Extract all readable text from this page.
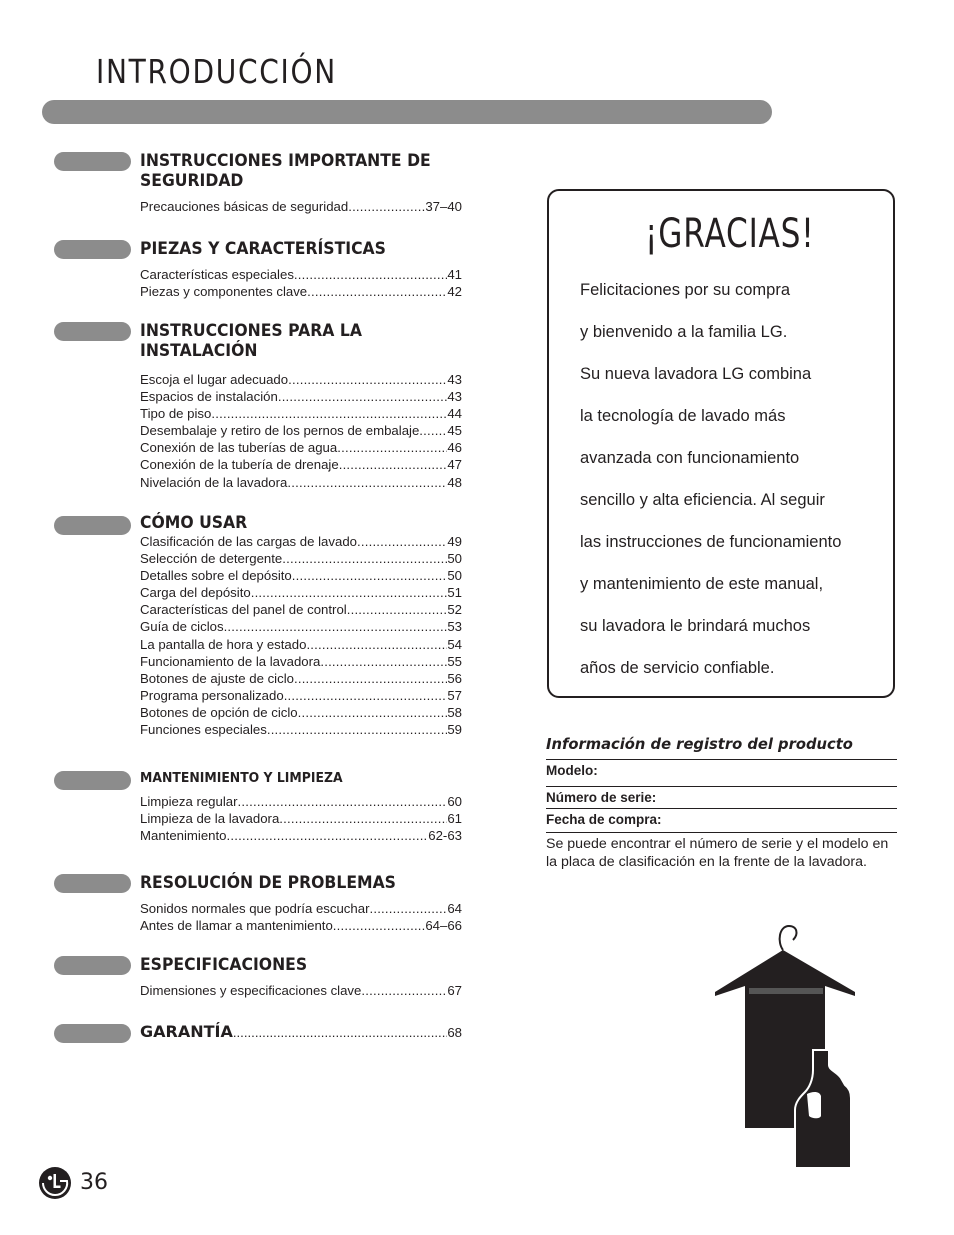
INTRODUCCIÓN
INSTRUCCIONES IMPORTANTE DE SEGURIDAD
Precauciones básicas de seguridad .....	37–40
PIEZAS Y CARACTERÍSTICAS
Características especiales .....	41
Piezas y componentes clave .....	42
INSTRUCCIONES PARA LA INSTALACIÓN
Escoja el lugar adecuado .....	43
Espacios de instalación .....	43
Tipo de piso .....	44
Desembalaje y retiro de los pernos de embalaje ..... 45
Conexión de las tuberías de agua .....	46
Conexión de la tubería de drenaje .....	47
Nivelación de la lavadora .....	48
CÓMO USAR
Clasificación de las cargas de lavado .....	49
Selección de detergente .....	50
Detalles sobre el depósito .....	50
Carga del depósito .....	51
Características del panel de control .....	52
Guía de ciclos .....	53
La pantalla de hora y estado .....	54
Funcionamiento de la lavadora .....	55
Botones de ajuste de ciclo .....	56
Programa personalizado .....	57
Botones de opción de ciclo .....	58
Funciones especiales .....	59
MANTENIMIENTO Y LIMPIEZA
Limpieza regular .....	60
Limpieza de la lavadora .....	61
Mantenimiento .....	62-63
RESOLUCIÓN DE PROBLEMAS
Sonidos normales que podría escuchar .....	64
Antes de llamar a mantenimiento .....	64–66
ESPECIFICACIONES
Dimensiones y especificaciones clave .....	67
GARANTÍA .....	68
¡GRACIAS!
Felicitaciones por su compra
y bienvenido a la familia LG.
Su nueva lavadora LG combina
la tecnología de lavado más
avanzada con funcionamiento
sencillo y alta eficiencia. Al seguir
las instrucciones de funcionamiento
y mantenimiento de este manual,
su lavadora le brindará muchos
años de servicio confiable.
Información de registro del producto
Modelo:
Número de serie:
Fecha de compra:
Se puede encontrar el número de serie y el modelo en la placa de clasificación en la frente de la lavadora.
36
